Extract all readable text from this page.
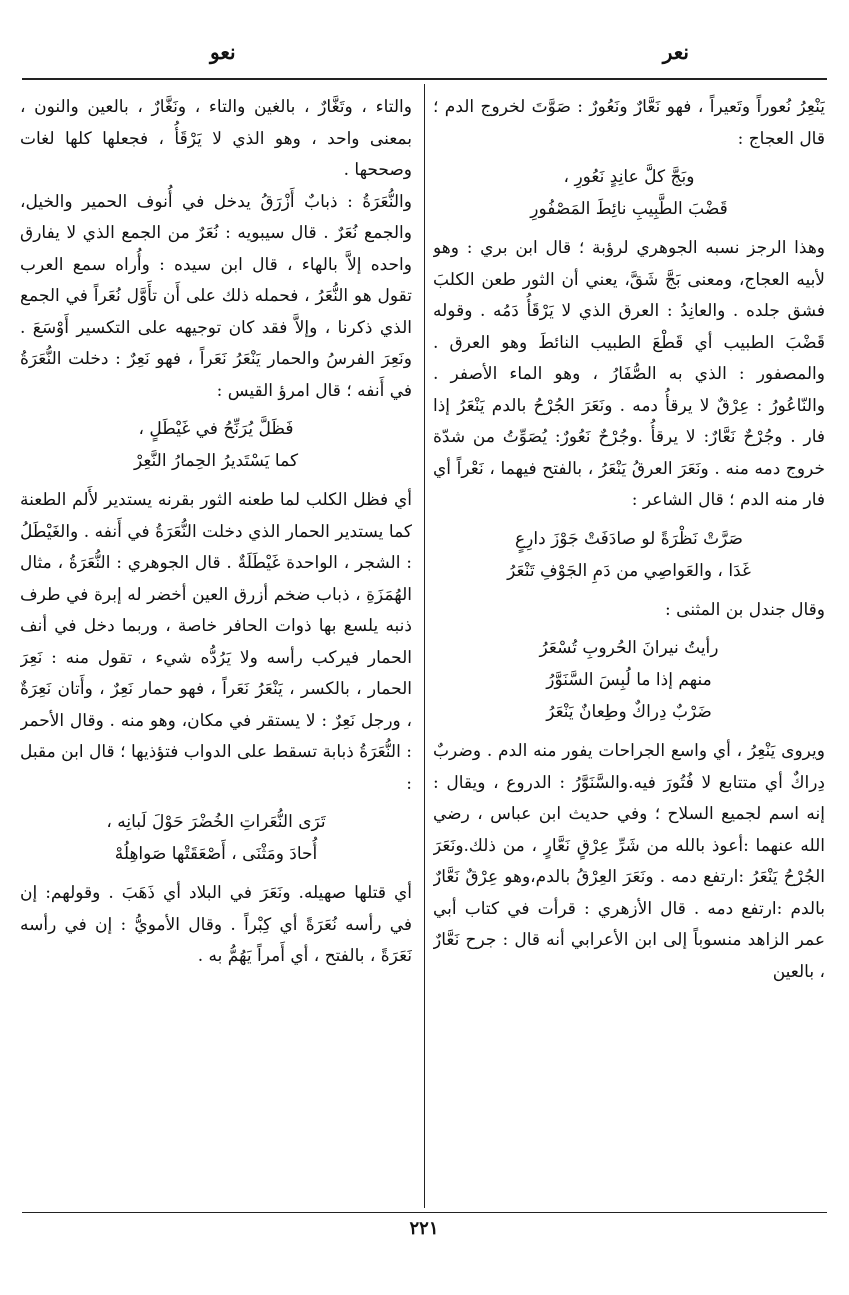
نعر
نعو

يَنْعِرُ نُعوراً وتَعيراً ، فهو نَعَّارٌ ونَعُورٌ : صَوَّتَ لخروج الدم ؛ قال العجاج :

وبَجَّ كلَّ عانِدٍ نَعُورِ ،
قَضْبَ الطَّبِيبِ نائِطَ المَصْفُورِ

وهذا الرجز نسبه الجوهري لرؤبة ؛ قال ابن بري : وهو لأبيه العجاج، ومعنى بَجَّ شَقَّ، يعني أن الثور طعن الكلبَ فشق جلده . والعانِدُ : العرق الذي لا يَرْقَأُ دَمُه . وقوله قَضْبَ الطبيب أي قَطْعَ الطبيب النائطَ وهو العرق . والمصفور : الذي به الصُّفَارُ ، وهو الماء الأصفر . والنّاعُورُ : عِرْقٌ لا يرقأُ دمه . ونَعَرَ الجُرْحُ بالدم يَنْعَرُ إذا فار . وجُرْحٌ نَعَّارٌ: لا يرقأُ .وجُرْحٌ نَعُورٌ: يُصَوِّتُ من شدّة خروج دمه منه . ونَعَرَ العرقُ يَنْعَرُ ، بالفتح فيهما ، نَعْراً أي فار منه الدم ؛ قال الشاعر :

صَرَّتْ نَظْرَةً لو صادَفَتْ جَوْزَ دارِعٍ
غَدَا ، والعَواصِي من دَمِ الجَوْفِ تَنْعَرُ

وقال جندل بن المثنى :

رأيتُ نيرانَ الحُروبِ تُسْعَرُ
منهم إذا ما لُبِسَ السَّنَوَّرُ
ضَرْبٌ دِراكٌ وطِعانٌ يَنْعَرُ

ويروى يَنْعِرُ ، أي واسع الجراحات يفور منه الدم . وضربٌ دِراكٌ أي متتابع لا فُتُورَ فيه.والسَّنَوَّرُ : الدروع ، ويقال : إنه اسم لجميع السلاح ؛ وفي حديث ابن عباس ، رضي الله عنهما :أعوذ بالله من شَرِّ عِرْقٍ نَعَّارٍ ، من ذلك.ونَعَرَ الجُرْحُ يَنْعَرُ :ارتفع دمه . ونَعَرَ العِرْقُ بالدم،وهو عِرْقٌ نَعَّارٌ بالدم :ارتفع دمه . قال الأزهري : قرأت في كتاب أبي عمر الزاهد منسوباً إلى ابن الأعرابي أنه قال : جرح نَعَّارٌ ، بالعين

والتاء ، وتَغَّارٌ ، بالغين والتاء ، ونَغَّارٌ ، بالعين والنون ، بمعنى واحد ، وهو الذي لا يَرْقَأُ ، فجعلها كلها لغات وصححها .

والنُّعَرَةُ : ذبابٌ أَزْرَقُ يدخل في أُنوف الحمير والخيل، والجمع نُعَرٌ . قال سيبويه : نُعَرٌ من الجمع الذي لا يفارق واحده إلاَّ بالهاء ، قال ابن سيده : وأُراه سمع العرب تقول هو النُّعَرُ ، فحمله ذلك على أَن تأَوَّل نُعَراً في الجمع الذي ذكرنا ، وإلاَّ فقد كان توجيهه على التكسير أَوْسَعَ . ونَعِرَ الفرسُ والحمار يَنْعَرُ نَعَراً ، فهو نَعِرٌ : دخلت النُّعَرَةُ في أَنفه ؛ قال امرؤ القيس :

فَظَلَّ يُرَنِّحُ في غَيْطَلٍ ،
كما يَسْتَديرُ الحِمارُ النَّعِرْ

أي فظل الكلب لما طعنه الثور بقرنه يستدير لأَلم الطعنة كما يستدير الحمار الذي دخلت النُّعَرَةُ في أَنفه . والغَيْطَلُ : الشجر ، الواحدة غَيْطَلَةٌ . قال الجوهري : النُّعَرَةُ ، مثال الهُمَزَةِ ، ذباب ضخم أزرق العين أخضر له إبرة في طرف ذنبه يلسع بها ذوات الحافر خاصة ، وربما دخل في أنف الحمار فيركب رأسه ولا يَرُدُّه شيء ، تقول منه : نَعِرَ الحمار ، بالكسر ، يَنْعَرُ نَعَراً ، فهو حمار نَعِرٌ ، وأَتان نَعِرَةٌ ، ورجل نَعِرٌ : لا يستقر في مكان، وهو منه . وقال الأحمر : النُّعَرَةُ ذبابة تسقط على الدواب فتؤذيها ؛ قال ابن مقبل :

تَرَى النُّعَراتِ الخُضْرَ حَوْلَ لَبانِه ،
أُحادَ ومَثْنَى ، أَصْعَقَتْها صَواهِلُهْ

أي قتلها صهيله. ونَعَرَ في البلاد أي ذَهَبَ . وقولهم: إن في رأسه نُعَرَةً أي كِبْراً . وقال الأمويُّ : إن في رأسه نَعَرَةً ، بالفتح ، أي أَمراً يَهُمُّ به .

٢٢١
